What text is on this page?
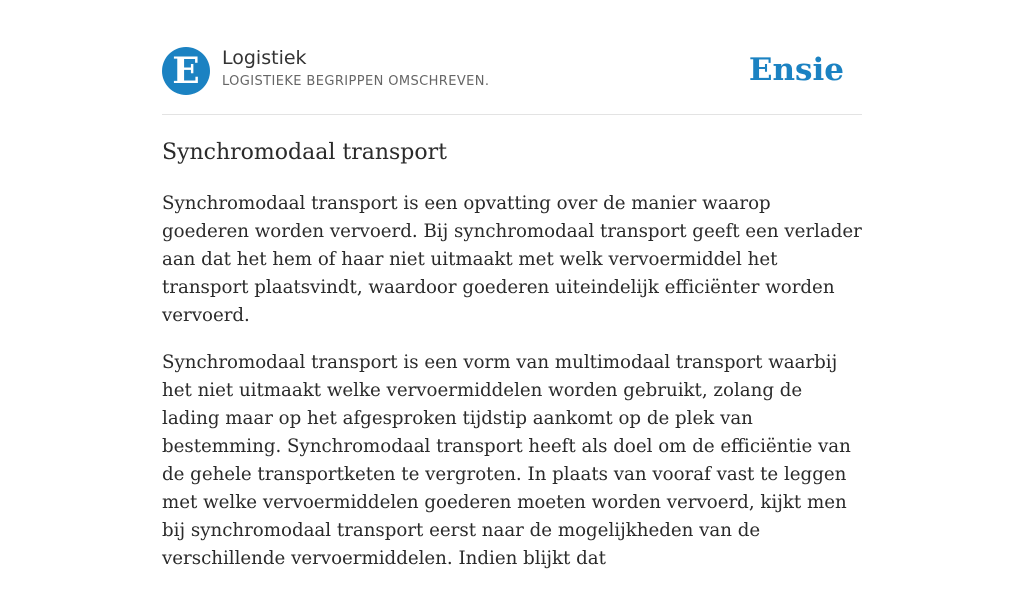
E	Logistiek
LOGISTIEKE BEGRIPPEN OMSCHREVEN.	Ensie
Synchromodaal transport

Synchromodaal transport is een opvatting over de manier waarop goederen worden vervoerd. Bij synchromodaal transport geeft een verlader aan dat het hem of haar niet uitmaakt met welk vervoermiddel het transport plaatsvindt, waardoor goederen uiteindelijk efficiënter worden vervoerd.

Synchromodaal transport is een vorm van multimodaal transport waarbij het niet uitmaakt welke vervoermiddelen worden gebruikt, zolang de lading maar op het afgesproken tijdstip aankomt op de plek van bestemming. Synchromodaal transport heeft als doel om de efficiëntie van de gehele transportketen te vergroten. In plaats van vooraf vast te leggen met welke vervoermiddelen goederen moeten worden vervoerd, kijkt men bij synchromodaal transport eerst naar de mogelijkheden van de verschillende vervoermiddelen. Indien blijkt dat
